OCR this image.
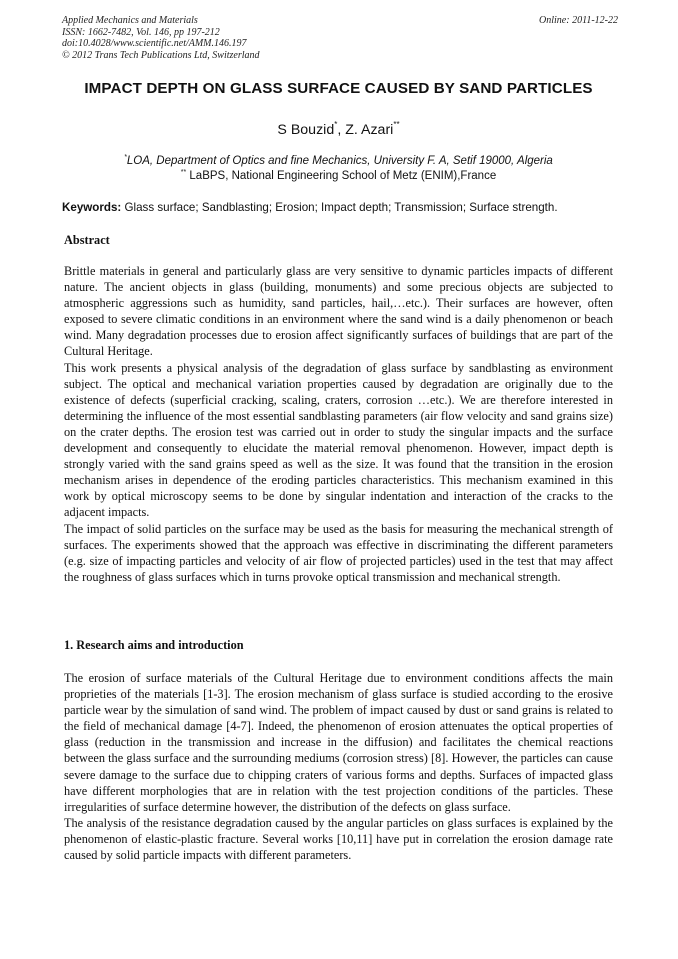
Applied Mechanics and Materials
ISSN: 1662-7482, Vol. 146, pp 197-212
doi:10.4028/www.scientific.net/AMM.146.197
© 2012 Trans Tech Publications Ltd, Switzerland
Online: 2011-12-22
IMPACT DEPTH ON GLASS SURFACE CAUSED BY SAND PARTICLES
S Bouzid*, Z. Azari**
*LOA, Department of Optics and fine Mechanics, University F. A, Setif 19000, Algeria
** LaBPS, National Engineering School of Metz (ENIM),France
Keywords: Glass surface; Sandblasting; Erosion; Impact depth; Transmission; Surface strength.
Abstract

Brittle materials in general and particularly glass are very sensitive to dynamic particles impacts of different nature. The ancient objects in glass (building, monuments) and some precious objects are subjected to atmospheric aggressions such as humidity, sand particles, hail,…etc.). Their surfaces are however, often exposed to severe climatic conditions in an environment where the sand wind is a daily phenomenon or beach wind. Many degradation processes due to erosion affect significantly surfaces of buildings that are part of the Cultural Heritage.

This work presents a physical analysis of the degradation of glass surface by sandblasting as environment subject. The optical and mechanical variation properties caused by degradation are originally due to the existence of defects (superficial cracking, scaling, craters, corrosion …etc.). We are therefore interested in determining the influence of the most essential sandblasting parameters (air flow velocity and sand grains size) on the crater depths. The erosion test was carried out in order to study the singular impacts and the surface development and consequently to elucidate the material removal phenomenon. However, impact depth is strongly varied with the sand grains speed as well as the size. It was found that the transition in the erosion mechanism arises in dependence of the eroding particles characteristics. This mechanism examined in this work by optical microscopy seems to be done by singular indentation and interaction of the cracks to the adjacent impacts.

The impact of solid particles on the surface may be used as the basis for measuring the mechanical strength of surfaces. The experiments showed that the approach was effective in discriminating the different parameters (e.g. size of impacting particles and velocity of air flow of projected particles) used in the test that may affect the roughness of glass surfaces which in turns provoke optical transmission and mechanical strength.

1. Research aims and introduction

The erosion of surface materials of the Cultural Heritage due to environment conditions affects the main proprieties of the materials [1-3]. The erosion mechanism of glass surface is studied according to the erosive particle wear by the simulation of sand wind. The problem of impact caused by dust or sand grains is related to the field of mechanical damage [4-7]. Indeed, the phenomenon of erosion attenuates the optical properties of glass (reduction in the transmission and increase in the diffusion) and facilitates the chemical reactions between the glass surface and the surrounding mediums (corrosion stress) [8]. However, the particles can cause severe damage to the surface due to chipping craters of various forms and depths. Surfaces of impacted glass have different morphologies that are in relation with the test projection conditions of the particles. These irregularities of surface determine however, the distribution of the defects on glass surface.

The analysis of the resistance degradation caused by the angular particles on glass surfaces is explained by the phenomenon of elastic-plastic fracture. Several works [10,11] have put in correlation the erosion damage rate caused by solid particle impacts with different parameters.
